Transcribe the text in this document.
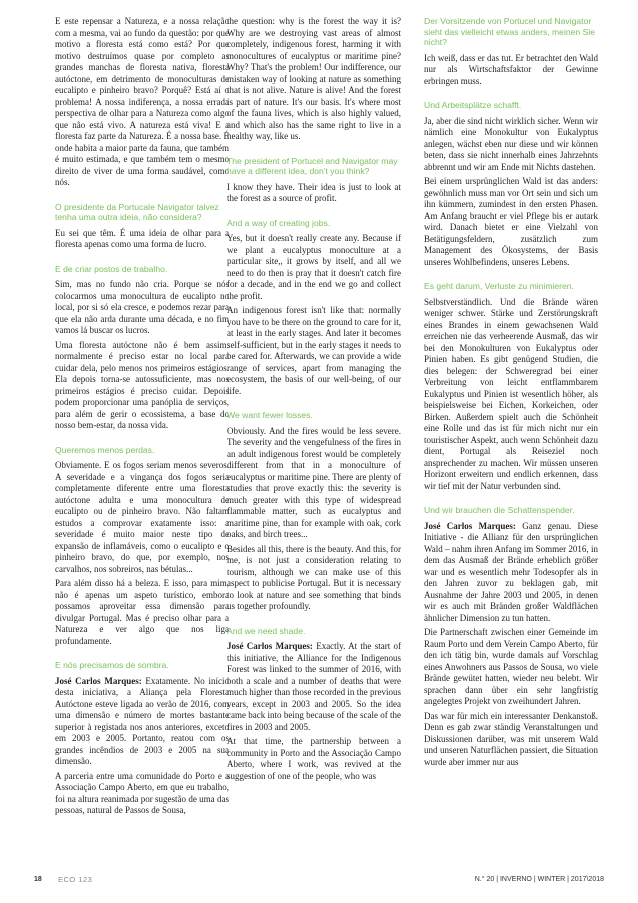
E este repensar a Natureza, e a nossa relação com a mesma, vai ao fundo da questão: por que motivo a floresta está como está? Por que motivo destruímos quase por completo as grandes manchas de floresta nativa, floresta autóctone, em detrimento de monoculturas de eucalipto e pinheiro bravo? Porquê? Está aí o problema! A nossa indiferença, a nossa errada perspectiva de olhar para a Natureza como algo que não está vivo. A natureza está viva! E a floresta faz parte da Natureza. É a nossa base. É onde habita a maior parte da fauna, que também é muito estimada, e que também tem o mesmo direito de viver de uma forma saudável, como nós.

O presidente da Portucale Navigator talvez tenha uma outra ideia, não considera?

Eu sei que têm. É uma ideia de olhar para a floresta apenas como uma forma de lucro.

E de criar postos de trabalho.

Sim, mas no fundo não cria. Porque se nós colocarmos uma monocultura de eucalipto no local, por si só ela cresce, e podemos rezar para que ela não arda durante uma década, e no fim vamos lá buscar os lucros.

Uma floresta autóctone não é bem assim: normalmente é preciso estar no local para cuidar dela, pelo menos nos primeiros estágios. Ela depois torna-se autossuficiente, mas nos primeiros estágios é preciso cuidar. Depois podem proporcionar uma panóplia de serviços, para além de gerir o ecossistema, a base do nosso bem-estar, da nossa vida.

Queremos menos perdas.

Obviamente. E os fogos seriam menos severos. A severidade e a vingança dos fogos seria completamente diferente entre uma floresta autóctone adulta e uma monocultura de eucalipto ou de pinheiro bravo. Não faltam estudos a comprovar exatamente isso: a severidade é muito maior neste tipo de expansão de inflamáveis, como o eucalipto e o pinheiro bravo, do que, por exemplo, nos carvalhos, nos sobreiros, nas bétulas...

Para além disso há a beleza. E isso, para mim, não é apenas um aspeto turístico, embora possamos aproveitar essa dimensão para divulgar Portugal. Mas é preciso olhar para a Natureza e ver algo que nos liga profundamente.

E nós precisamos de sombra.

José Carlos Marques: Exatamente. No início desta iniciativa, a Aliança pela Floresta Autóctone esteve ligada ao verão de 2016, com uma dimensão e número de mortes bastante superior à registada nos anos anteriores, exceto em 2003 e 2005. Portanto, reatou com os grandes incêndios de 2003 e 2005 na sua dimensão.

A parceria entre uma comunidade do Porto e a Associação Campo Aberto, em que eu trabalho, foi na altura reanimada por sugestão de uma das pessoas, natural de Passos de Sousa,

the question: why is the forest the way it is? Why are we destroying vast areas of almost completely, indigenous forest, harming it with monocultures of eucalyptus or maritime pine? Why? That's the problem! Our indifference, our mistaken way of looking at nature as something that is not alive. Nature is alive! And the forest is part of nature. It's our basis. It's where most of the fauna lives, which is also highly valued, and which also has the same right to live in a healthy way, like us.

The president of Portucel and Navigator may have a different idea, don't you think?

I know they have. Their idea is just to look at the forest as a source of profit.

And a way of creating jobs.

Yes, but it doesn't really create any. Because if we plant a eucalyptus monoculture at a particular site,, it grows by itself, and all we need to do then is pray that it doesn't catch fire for a decade, and in the end we go and collect the profit.

An indigenous forest isn't like that: normally you have to be there on the ground to care for it, at least in the early stages. And later it becomes self-sufficient, but in the early stages it needs to be cared for. Afterwards, we can provide a wide range of services, apart from managing the ecosystem, the basis of our well-being, of our life.

We want fewer losses.

Obviously. And the fires would be less severe. The severity and the vengefulness of the fires in an adult indigenous forest would be completely different from that in a monoculture of eucalyptus or maritime pine. There are plenty of studies that prove exactly this: the severity is much greater with this type of widespread flammable matter, such as eucalyptus and maritime pine, than for example with oak, cork oaks, and birch trees...

Besides all this, there is the beauty. And this, for me, is not just a consideration relating to tourism, although we can make use of this aspect to publicise Portugal. But it is necessary to look at nature and see something that binds us together profoundly.

And we need shade.

José Carlos Marques: Exactly. At the start of this initiative, the Alliance for the Indigenous Forest was linked to the summer of 2016, with both a scale and a number of deaths that were much higher than those recorded in the previous years, except in 2003 and 2005. So the idea came back into being because of the scale of the fires in 2003 and 2005.

At that time, the partnership between a community in Porto and the Associação Campo Aberto, where I work, was revived at the suggestion of one of the people, who was

Der Vorsitzende von Portucel und Navigator sieht das vielleicht etwas anders, meinen Sie nicht?

Ich weiß, dass er das tut. Er betrachtet den Wald nur als Wirtschaftsfaktor der Gewinne erbringen muss.

Und Arbeitsplätze schafft.

Ja, aber die sind nicht wirklich sicher. Wenn wir nämlich eine Monokultur von Eukalyptus anlegen, wächst eben nur diese und wir können beten, dass sie nicht innerhalb eines Jahrzehnts abbrennt und wir am Ende mit Nichts dastehen.

Bei einem ursprünglichen Wald ist das anders: gewöhnlich muss man vor Ort sein und sich um ihn kümmern, zumindest in den ersten Phasen. Am Anfang braucht er viel Pflege bis er autark wird. Danach bietet er eine Vielzahl von Betätigungsfeldern, zusätzlich zum Management des Ökosystems, der Basis unseres Wohlbefindens, unseres Lebens.

Es geht darum, Verluste zu minimieren.

Selbstverständlich. Und die Brände wären weniger schwer. Stärke und Zerstörungskraft eines Brandes in einem gewachsenen Wald erreichen nie das verheerende Ausmaß, das wir bei den Monokulturen von Eukalyptus oder Pinien haben. Es gibt genügend Studien, die dies belegen: der Schweregrad bei einer Verbreitung von leicht entflammbarem Eukalyptus und Pinien ist wesentlich höher, als beispielsweise bei Eichen, Korkeichen, oder Birken. Außerdem spielt auch die Schönheit eine Rolle und das ist für mich nicht nur ein touristischer Aspekt, auch wenn Schönheit dazu dient, Portugal als Reiseziel noch ansprechender zu machen. Wir müssen unseren Horizont erweitern und endlich erkennen, dass wir tief mit der Natur verbunden sind.

Und wir brauchen die Schattenspender.

José Carlos Marques: Ganz genau. Diese Initiative - die Allianz für den ursprünglichen Wald – nahm ihren Anfang im Sommer 2016, in dem das Ausmaß der Brände erheblich größer war und es wesentlich mehr Todesopfer als in den Jahren zuvor zu beklagen gab, mit Ausnahme der Jahre 2003 und 2005, in denen wir es auch mit Bränden großer Waldflächen ähnlicher Dimension zu tun hatten.

Die Partnerschaft zwischen einer Gemeinde im Raum Porto und dem Verein Campo Aberto, für den ich tätig bin, wurde damals auf Vorschlag eines Anwohners aus Passos de Sousa, wo viele Brände gewütet hatten, wieder neu belebt. Wir sprachen dann über ein sehr langfristig angelegtes Projekt von zweihundert Jahren.

Das war für mich ein interessanter Denkanstoß. Denn es gab zwar ständig Veranstaltungen und Diskussionen darüber, was mit unserem Wald und unseren Naturflächen passiert, die Situation wurde aber immer nur aus

18 ECO 123	N.° 20 | INVERNO | WINTER | 2017\2018
